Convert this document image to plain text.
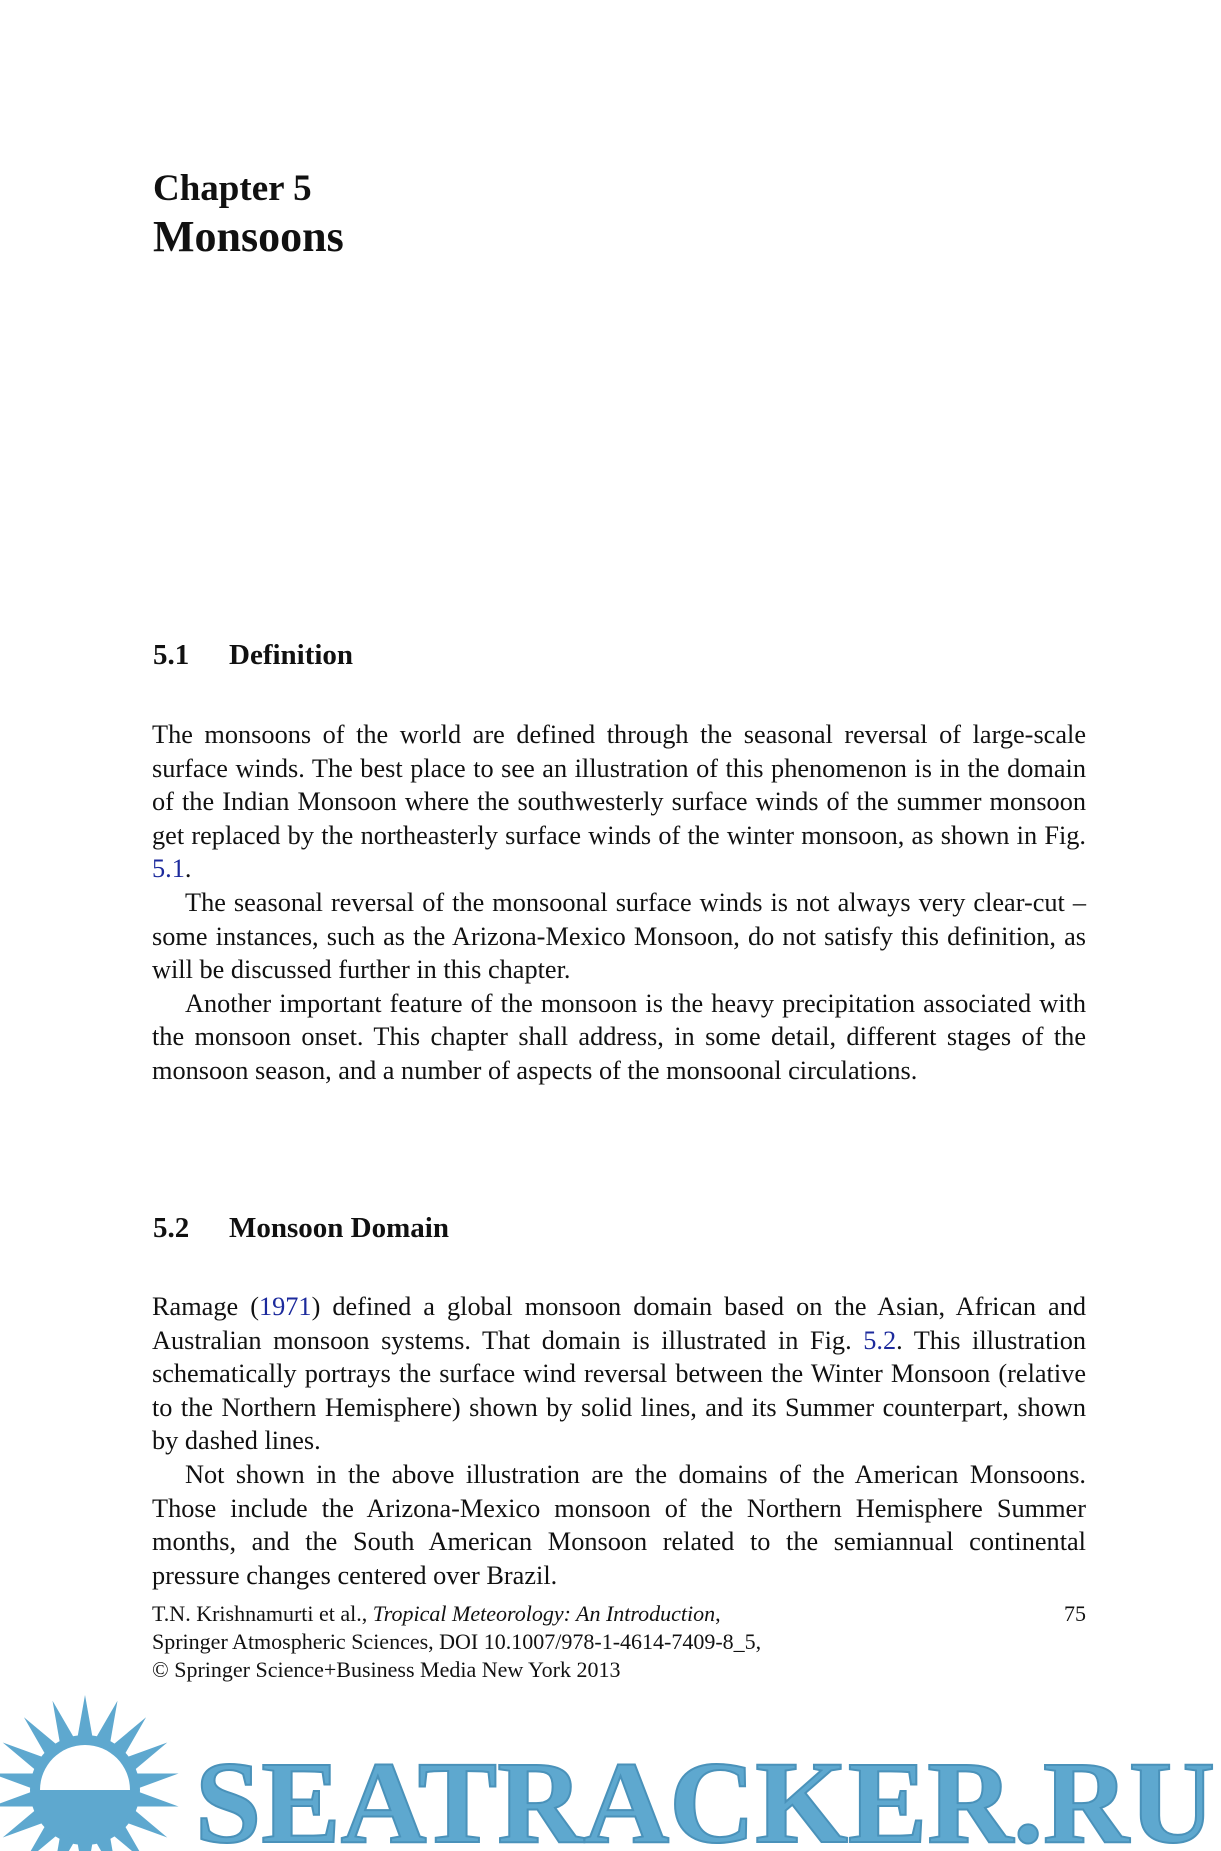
Chapter 5
Monsoons
5.1 Definition

The monsoons of the world are defined through the seasonal reversal of large-scale surface winds. The best place to see an illustration of this phenomenon is in the domain of the Indian Monsoon where the southwesterly surface winds of the summer monsoon get replaced by the northeasterly surface winds of the winter monsoon, as shown in Fig. 5.1.

The seasonal reversal of the monsoonal surface winds is not always very clear-cut – some instances, such as the Arizona-Mexico Monsoon, do not satisfy this definition, as will be discussed further in this chapter.

Another important feature of the monsoon is the heavy precipitation associated with the monsoon onset. This chapter shall address, in some detail, different stages of the monsoon season, and a number of aspects of the monsoonal circulations.

5.2 Monsoon Domain

Ramage (1971) defined a global monsoon domain based on the Asian, African and Australian monsoon systems. That domain is illustrated in Fig. 5.2. This illustration schematically portrays the surface wind reversal between the Winter Monsoon (relative to the Northern Hemisphere) shown by solid lines, and its Summer counterpart, shown by dashed lines.

Not shown in the above illustration are the domains of the American Monsoons. Those include the Arizona-Mexico monsoon of the Northern Hemisphere Summer months, and the South American Monsoon related to the semiannual continental pressure changes centered over Brazil.

SEATRACKER.RU
T.N. Krishnamurti et al., Tropical Meteorology: An Introduction,
Springer Atmospheric Sciences, DOI 10.1007/978-1-4614-7409-8_5,
© Springer Science+Business Media New York 2013
75
